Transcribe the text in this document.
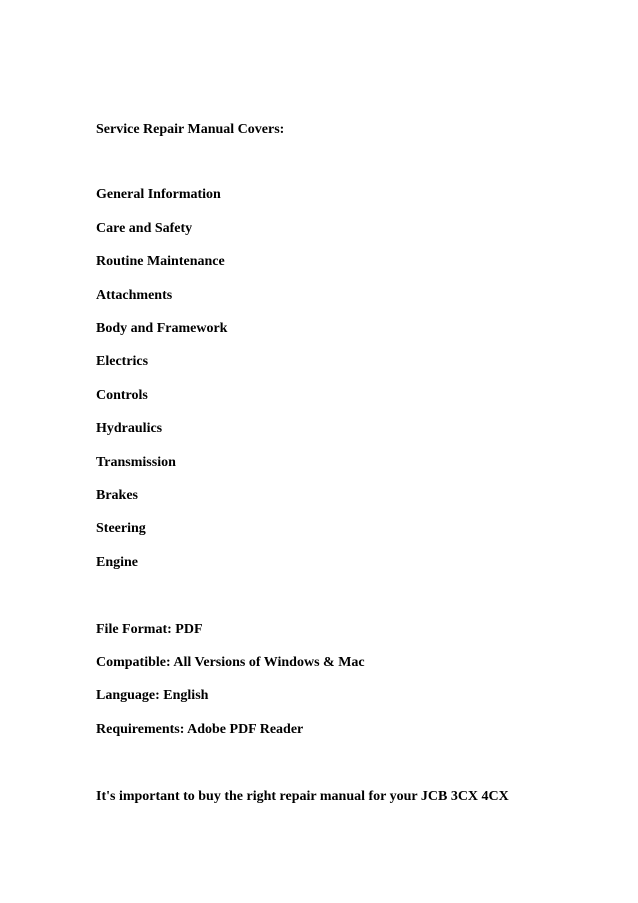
Service Repair Manual Covers:

General Information

Care and Safety

Routine Maintenance

Attachments

Body and Framework

Electrics

Controls

Hydraulics

Transmission

Brakes

Steering

Engine

File Format: PDF

Compatible: All Versions of Windows & Mac

Language: English

Requirements: Adobe PDF Reader

It's important to buy the right repair manual for your JCB 3CX 4CX
